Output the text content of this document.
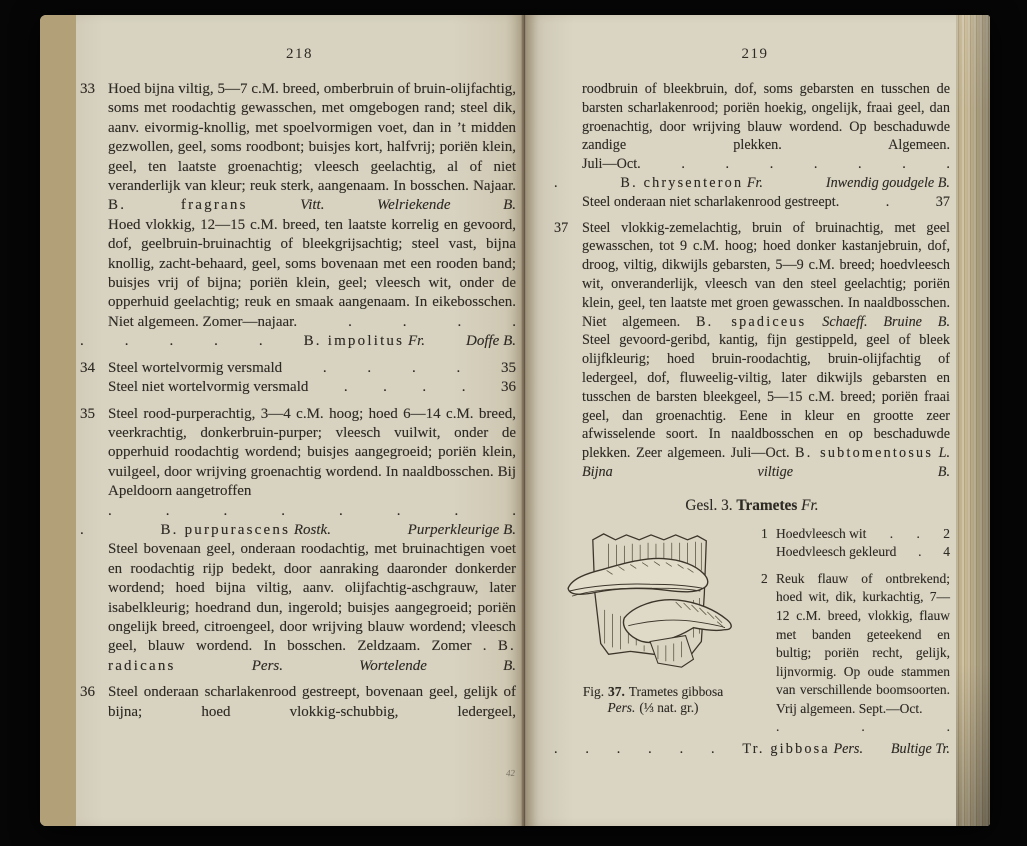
218
33 Hoed bijna viltig, 5—7 c.M. breed, omberbruin of bruin-olijfachtig, soms met roodachtig gewasschen, met omgebogen rand; steel dik, aanv. eivormig-knollig, met spoelvormigen voet, dan in ’t midden gezwollen, geel, soms roodbont; buisjes kort, halfvrij; poriën klein, geel, ten laatste groenachtig; vleesch geelachtig, al of niet veranderlijk van kleur; reuk sterk, aangenaam. In bosschen. Najaar. B. fragrans	Vitt.	Welriekende B.
Hoed vlokkig, 12—15 c.M. breed, ten laatste korrelig en gevoord, dof, geelbruin-bruinachtig of bleekgrijsachtig; steel vast, bijna knollig, zacht-behaard, geel, soms bovenaan met een rooden band; buisjes vrij of bijna; poriën klein, geel; vleesch wit, onder de opperhuid geelachtig; reuk en smaak aangenaam. In eikebosschen.
Niet algemeen. Zomer—najaar.	.	.	.	.
.	.	.	.	.	B. impolitus Fr.	Doffe B.
34 Steel wortelvormig versmald	.	.	.	.	35
Steel niet wortelvormig versmald . . . . 36
35 Steel rood-purperachtig, 3—4 c.M. hoog; hoed 6—14 c.M. breed, veerkrachtig, donkerbruin-purper; vleesch vuilwit, onder de opperhuid roodachtig wordend; buisjes aangegroeid; poriën klein, vuilgeel, door wrijving groenachtig wordend. In naaldbosschen. Bij Apeldoorn aangetroffen
.	.	.	.	.	.	.	.
.	B. purpurascens Rostk.	Purperkleurige B.
Steel bovenaan geel, onderaan roodachtig, met bruinachtigen voet en roodachtig rijp bedekt, door aanraking daaronder donkerder wordend; hoed bijna viltig, aanv. olijfachtig-aschgrauw, later isabelkleurig; hoedrand dun, ingerold; buisjes aangegroeid; poriën ongelijk breed, citroengeel, door wrijving blauw wordend; vleesch geel, blauw wordend. In bosschen. Zeldzaam. Zomer . B. radicans	Pers.	Wortelende B.
36 Steel onderaan scharlakenrood gestreept, bovenaan geel, gelijk of bijna; hoed vlokkig-schubbig, ledergeel,
219
roodbruin of bleekbruin, dof, soms gebarsten en tusschen de barsten scharlakenrood; poriën hoekig, ongelijk, fraai geel, dan groenachtig, door wrijving blauw wordend. Op beschaduwde zandige plekken. Algemeen.
Juli—Oct.	.	.	.	.	.	.	.
.	B. chrysenteron Fr.	Inwendig goudgele B.
Steel onderaan niet scharlakenrood gestreept.	.	37
37 Steel vlokkig-zemelachtig, bruin of bruinachtig, met geel gewasschen, tot 9 c.M. hoog; hoed donker kastanjebruin, dof, droog, viltig, dikwijls gebarsten, 5—9 c.M. breed; hoedvleesch wit, onveranderlijk, vleesch van den steel geelachtig; poriën klein, geel, ten laatste met groen gewasschen. In naaldbosschen. Niet algemeen. B. spadiceus Schaeff. Bruine B.
Steel gevoord-geribd, kantig, fijn gestippeld, geel of bleek olijfkleurig; hoed bruin-roodachtig, bruin-olijfachtig of ledergeel, dof, fluweelig-viltig, later dikwijls gebarsten en tusschen de barsten bleekgeel, 5—15 c.M. breed; poriën fraai geel, dan groenachtig. Eene in kleur en grootte zeer afwisselende soort. In naaldbosschen en op beschaduwde plekken. Zeer algemeen. Juli—Oct. B. subtomentosus L. Bijna viltige B.
Gesl. 3. Trametes Fr.
Fig. 37. Trametes gibbosa
Pers. (⅓ nat. gr.)
1 Hoedvleesch wit . . 2
Hoedvleesch gekleurd . 4
2 Reuk flauw of ontbrekend; hoed wit, dik, kurkachtig, 7—12 c.M. breed, vlokkig, flauw met banden geteekend en bultig; poriën recht, gelijk, lijnvormig. Op oude stammen van verschillende boomsoorten. Vrij algemeen. Sept.—Oct.
.	.	.
. . . . . . Tr. gibbosa Pers. Bultige Tr.
42
